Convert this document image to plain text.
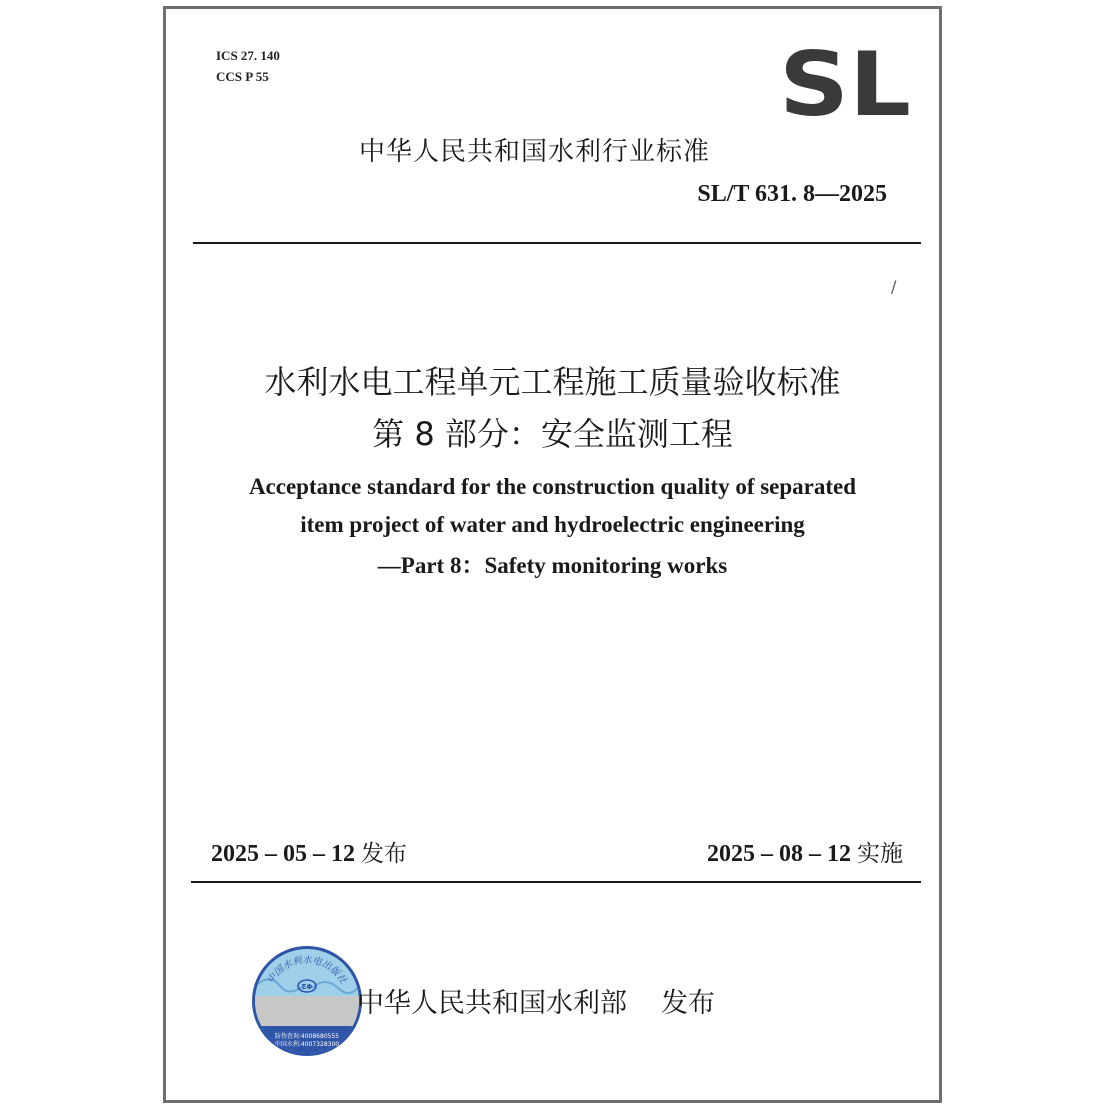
ICS 27. 140
CCS P 55	SL
中华人民共和国水利行业标准
SL/T 631. 8—2025
/
水利水电工程单元工程施工质量验收标准
第 8 部分：安全监测工程
Acceptance standard for the construction quality of separated
item project of water and hydroelectric engineering
—Part 8：Safety monitoring works
2025 – 05 – 12 发布	2025 – 08 – 12 实施
中国水利水电出版社
ΣΦ
防伪查询:4008680555
中国水利:4007328300
中华人民共和国水利部 发布
